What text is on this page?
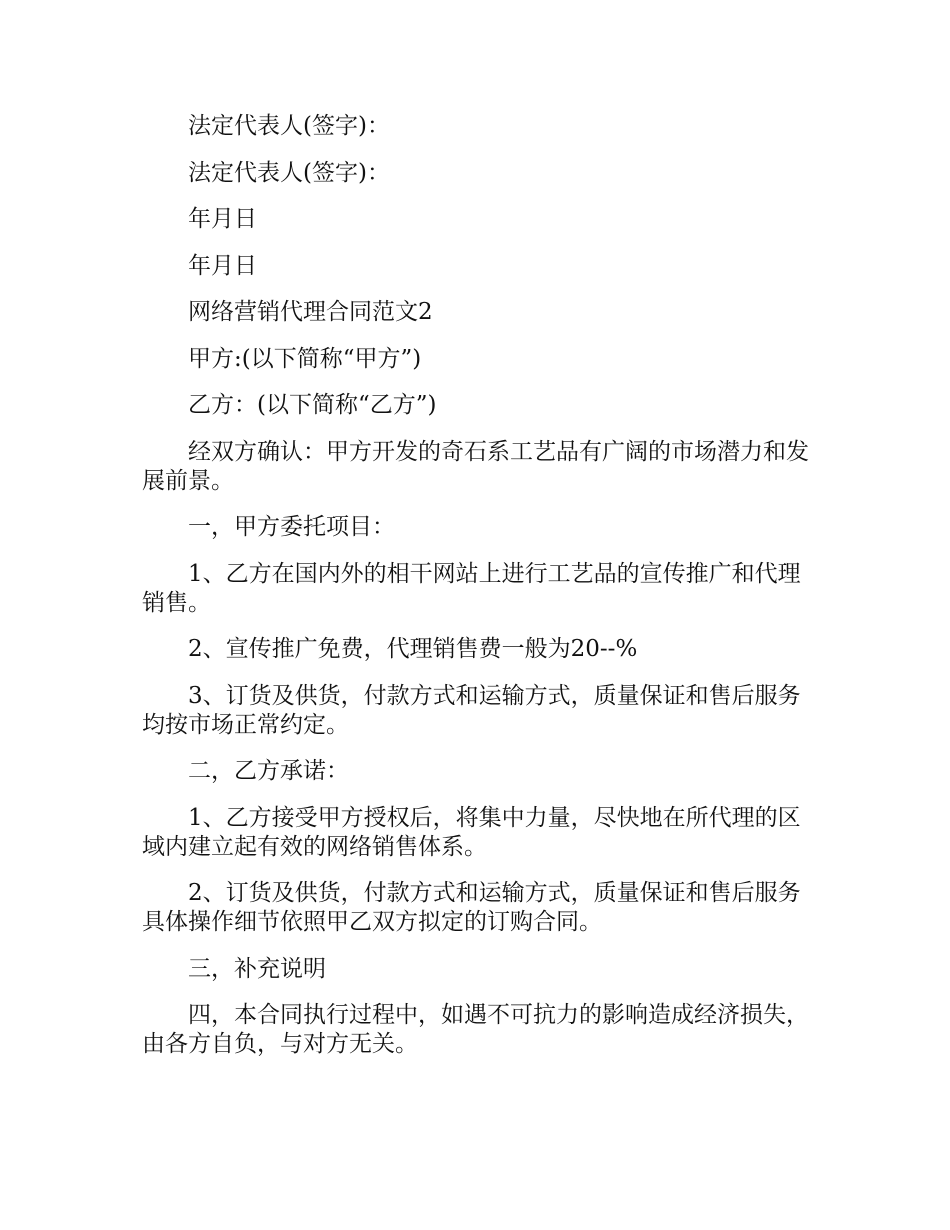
法定代表人(签字)：

法定代表人(签字)：

年月日

年月日

网络营销代理合同范文2

甲方:(以下简称“甲方”)

乙方：(以下简称“乙方”)

经双方确认：甲方开发的奇石系工艺品有广阔的市场潜力和发展前景。

一，甲方委托项目：

1、乙方在国内外的相干网站上进行工艺品的宣传推广和代理销售。

2、宣传推广免费，代理销售费一般为20--%

3、订货及供货，付款方式和运输方式，质量保证和售后服务均按市场正常约定。

二，乙方承诺：

1、乙方接受甲方授权后，将集中力量，尽快地在所代理的区域内建立起有效的网络销售体系。

2、订货及供货，付款方式和运输方式，质量保证和售后服务具体操作细节依照甲乙双方拟定的订购合同。

三，补充说明

四，本合同执行过程中，如遇不可抗力的影响造成经济损失，由各方自负，与对方无关。
